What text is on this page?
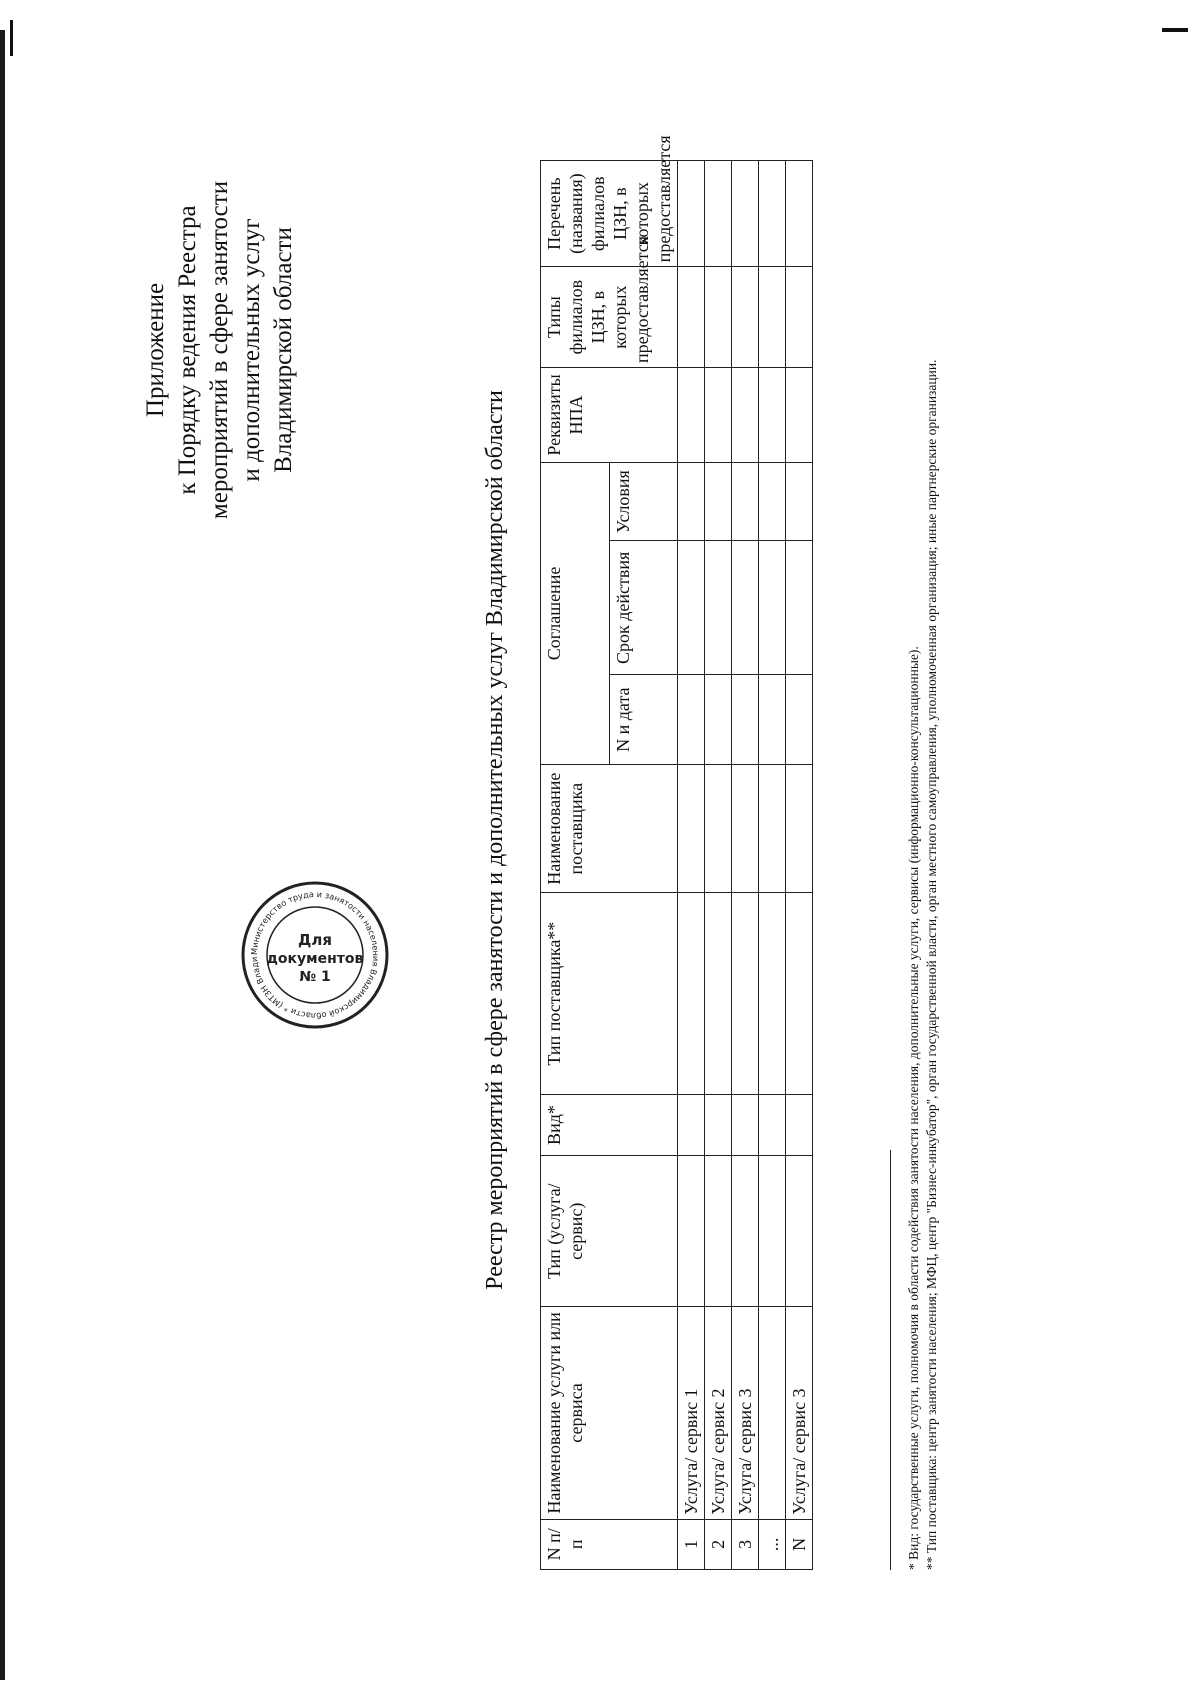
Приложение к Порядку ведения Реестра мероприятий в сфере занятости и дополнительных услуг Владимирской области
Реестр мероприятий в сфере занятости и дополнительных услуг Владимирской области
N п/п	Наименование услуги или сервиса	Тип (услуга/ сервис)	Вид*	Тип поставщика**	Наименование поставщика	Соглашение			Реквизиты НПА	Типы филиалов ЦЗН, в которых предоставляется	Перечень (названия) филиалов ЦЗН, в которых предоставляется
						N и дата	Срок действия	Условия			
1	Услуга/ сервис 1										
2	Услуга/ сервис 2										
3	Услуга/ сервис 3										
...											
N	Услуга/ сервис 3											* Вид: государственные услуги, полномочия в области содействия занятости населения, дополнительные услуги, сервисы (информационно-консультационные). ** Тип поставщика: центр занятости населения; МФЦ, центр "Бизнес-инкубатор", орган государственной власти, орган местного самоуправления, уполномоченная организация; иные партнерские организации.

Министерство труда и занятости населения Владимирской области * (МТЗН Влади
Для
документов
№ 1
